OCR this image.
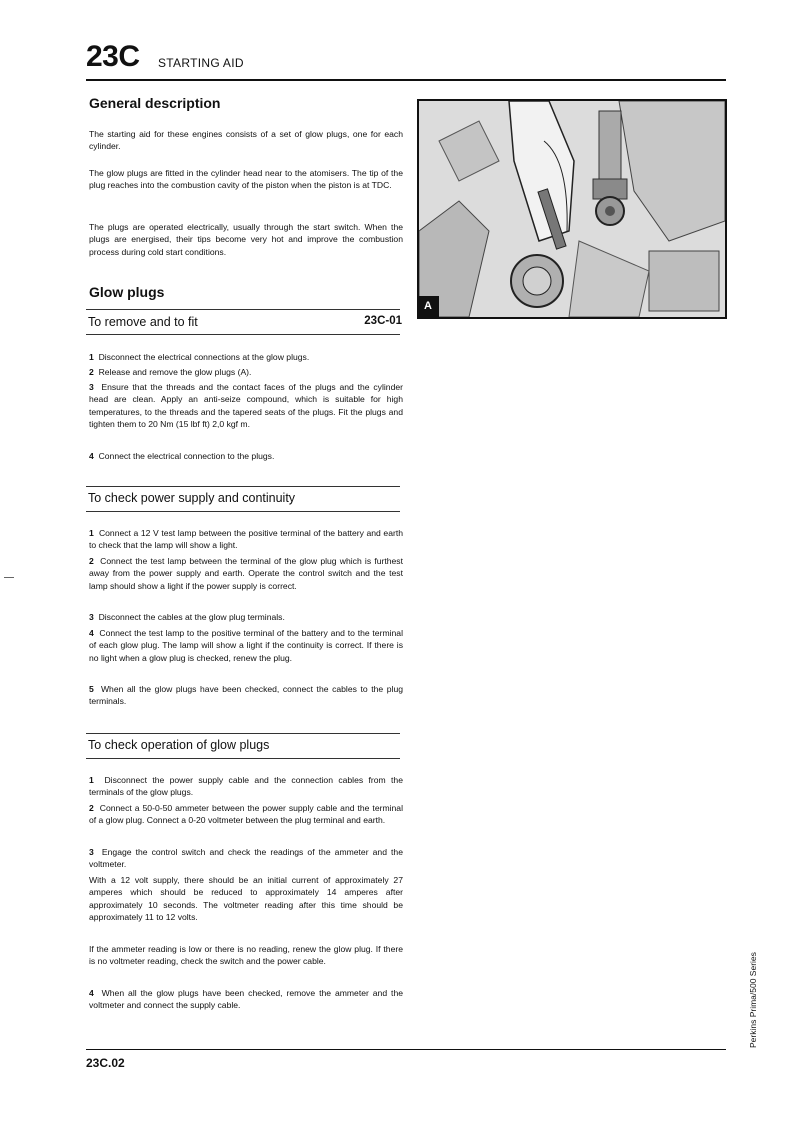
23C STARTING AID
General description
The starting aid for these engines consists of a set of glow plugs, one for each cylinder.
The glow plugs are fitted in the cylinder head near to the atomisers. The tip of the plug reaches into the combustion cavity of the piston when the piston is at TDC.
The plugs are operated electrically, usually through the start switch. When the plugs are energised, their tips become very hot and improve the combustion process during cold start conditions.
Glow plugs
To remove and to fit	23C-01
1 Disconnect the electrical connections at the glow plugs.
2 Release and remove the glow plugs (A).
3 Ensure that the threads and the contact faces of the plugs and the cylinder head are clean. Apply an anti-seize compound, which is suitable for high temperatures, to the threads and the tapered seats of the plugs. Fit the plugs and tighten them to 20 Nm (15 lbf ft) 2,0 kgf m.
4 Connect the electrical connection to the plugs.
To check power supply and continuity
1 Connect a 12 V test lamp between the positive terminal of the battery and earth to check that the lamp will show a light.
2 Connect the test lamp between the terminal of the glow plug which is furthest away from the power supply and earth. Operate the control switch and the test lamp should show a light if the power supply is correct.
3 Disconnect the cables at the glow plug terminals.
4 Connect the test lamp to the positive terminal of the battery and to the terminal of each glow plug. The lamp will show a light if the continuity is correct. If there is no light when a glow plug is checked, renew the plug.
5 When all the glow plugs have been checked, connect the cables to the plug terminals.
To check operation of glow plugs
1 Disconnect the power supply cable and the connection cables from the terminals of the glow plugs.
2 Connect a 50-0-50 ammeter between the power supply cable and the terminal of a glow plug. Connect a 0-20 voltmeter between the plug terminal and earth.
3 Engage the control switch and check the readings of the ammeter and the voltmeter.
With a 12 volt supply, there should be an initial current of approximately 27 amperes which should be reduced to approximately 14 amperes after approximately 10 seconds. The voltmeter reading after this time should be approximately 11 to 12 volts.
If the ammeter reading is low or there is no reading, renew the glow plug. If there is no voltmeter reading, check the switch and the power cable.
4 When all the glow plugs have been checked, remove the ammeter and the voltmeter and connect the supply cable.
A
23C.02
Perkins Prima/500 Series
